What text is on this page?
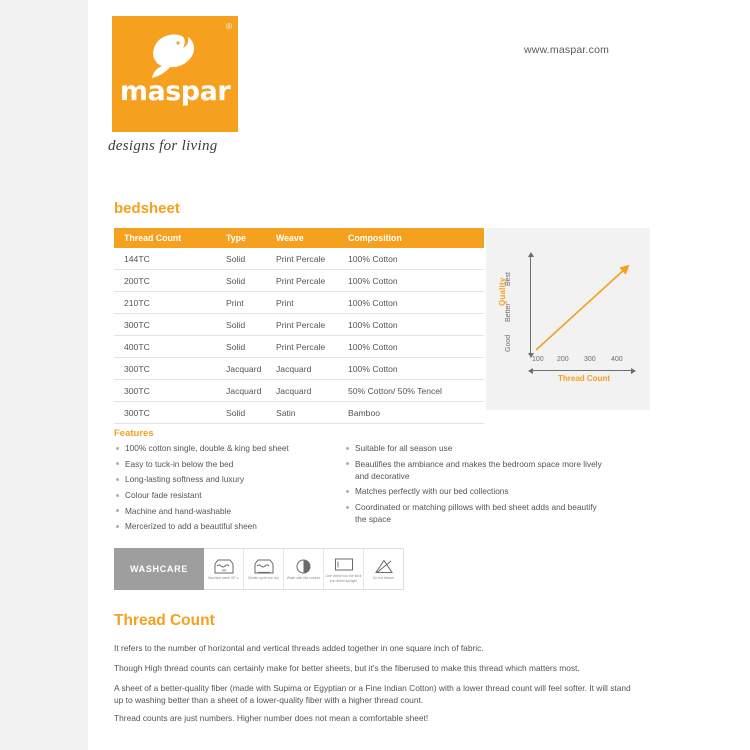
®
maspar
designs for living
www.maspar.com
bedsheet
Thread Count	Type	Weave	Composition
144TC	Solid	Print Percale	100% Cotton
200TC	Solid	Print Percale	100% Cotton
210TC	Print	Print	100% Cotton
300TC	Solid	Print Percale	100% Cotton
400TC	Solid	Print Percale	100% Cotton
300TC	Jacquard	Jacquard	100% Cotton
300TC	Jacquard	Jacquard	50% Cotton/ 50% Tencel
300TC	Solid	Satin	Bamboo
Quality
Good
Better
Best
100 200 300 400
Thread Count
Features
100% cotton single, double & king bed sheet
Easy to tuck-in below the bed
Long-lasting softness and luxury
Colour fade resistant
Machine and hand-washable
Mercerized to add a beautiful sheen
Suitable for all season use
Beautifies the ambiance and makes the bedroom space more lively and decorative
Matches perfectly with our bed collections
Coordinated or matching pillows with bed sheet adds and beautify the space
WASHCARE	40
Machine wash 40° c	Gentle cycle iron dry Wash with like colours
Line dried/ iron the stick iron direct sunlight
Do not bleach
Thread Count
It refers to the number of horizontal and vertical threads added together in one square inch of fabric.
Though High thread counts can certainly make for better sheets, but it's the fiberused to make this thread which matters most.
A sheet of a better-quality fiber (made with Supima or Egyptian or a Fine Indian Cotton) with a lower thread count will feel softer. It will stand up to washing better than a sheet of a lower-quality fiber with a higher thread count.
Thread counts are just numbers. Higher number does not mean a comfortable sheet!
